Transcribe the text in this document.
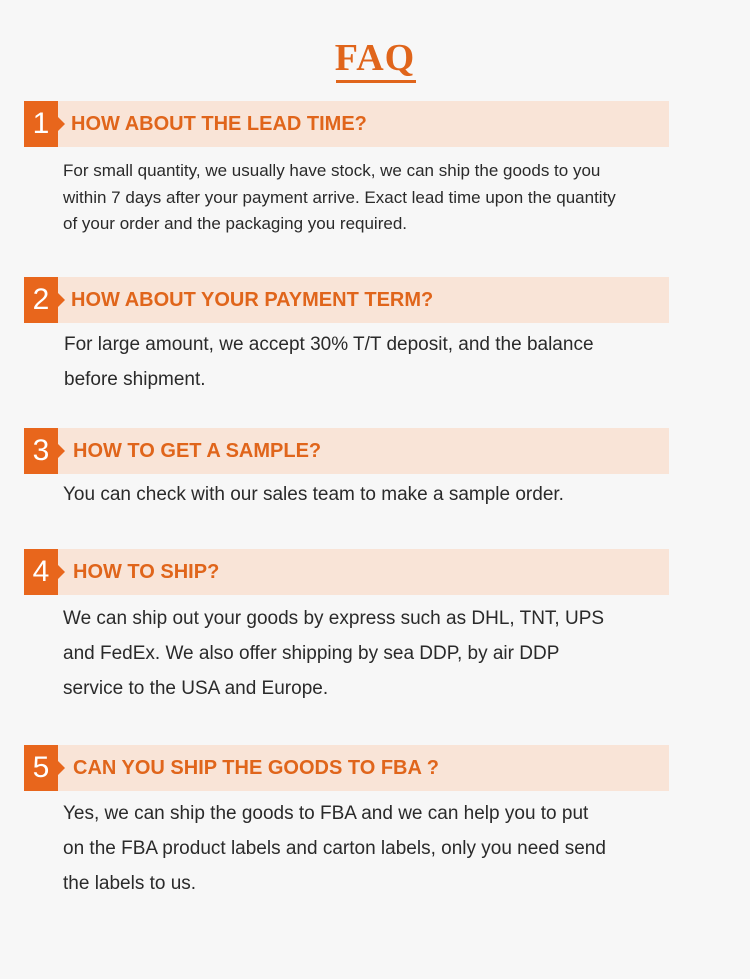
FAQ
1	HOW ABOUT THE LEAD TIME?
For small quantity, we usually have stock, we can ship the goods to you
within 7 days after your payment arrive. Exact lead time upon the quantity
of your order and the packaging you required.
2	HOW ABOUT YOUR PAYMENT TERM?
For large amount, we accept 30% T/T deposit, and the balance
before shipment.
3	HOW TO GET A SAMPLE?
You can check with our sales team to make a sample order.
4	HOW TO SHIP?
We can ship out your goods by express such as DHL, TNT, UPS
and FedEx. We also offer shipping by sea DDP, by air DDP
service to the USA and Europe.
5	CAN YOU SHIP THE GOODS TO FBA ?
Yes, we can ship the goods to FBA and we can help you to put
on the FBA product labels and carton labels, only you need send
the labels to us.
